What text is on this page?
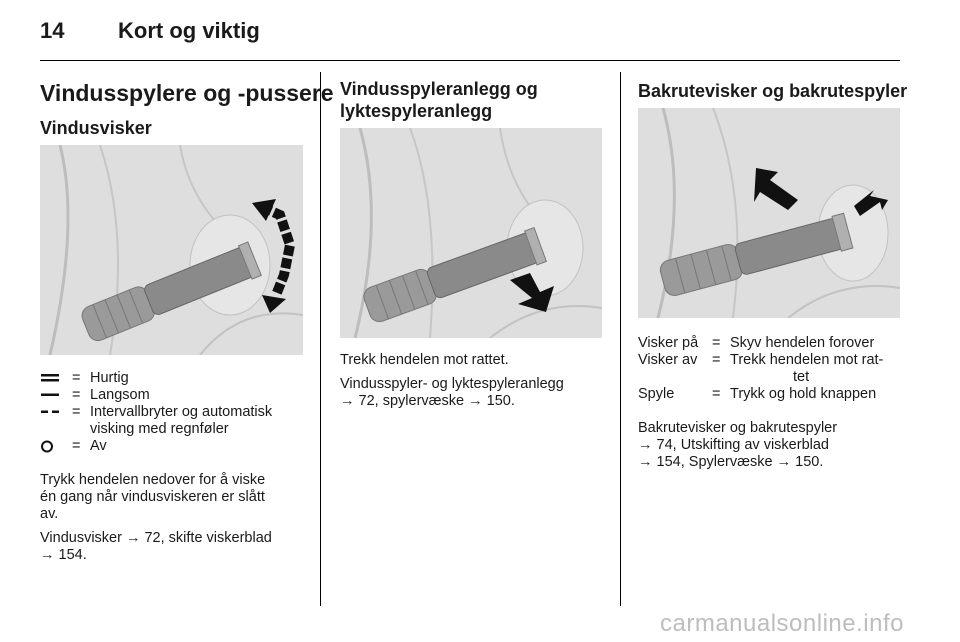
14 Kort og viktig
Vindusspylere og -pussere
Vindusvisker
= Hurtig
= Langsom
= Intervallbryter og automatisk
visking med regnføler
= Av
Trykk hendelen nedover for å viske
én gang når vindusviskeren er slått
av.
Vindusvisker → 72, skifte viskerblad
→ 154.
Vindusspyleranlegg og
lyktespyleranlegg
Trekk hendelen mot rattet.
Vindusspyler- og lyktespyleranlegg
→ 72, spylervæske → 150.
Bakrutevisker og bakrutespyler
Visker på = Skyv hendelen forover
Visker av = Trekk hendelen mot rat-
tet
Spyle	= Trykk og hold knappen
Bakrutevisker og bakrutespyler
→ 74, Utskifting av viskerblad
→ 154, Spylervæske → 150.
carmanualsonline.info
